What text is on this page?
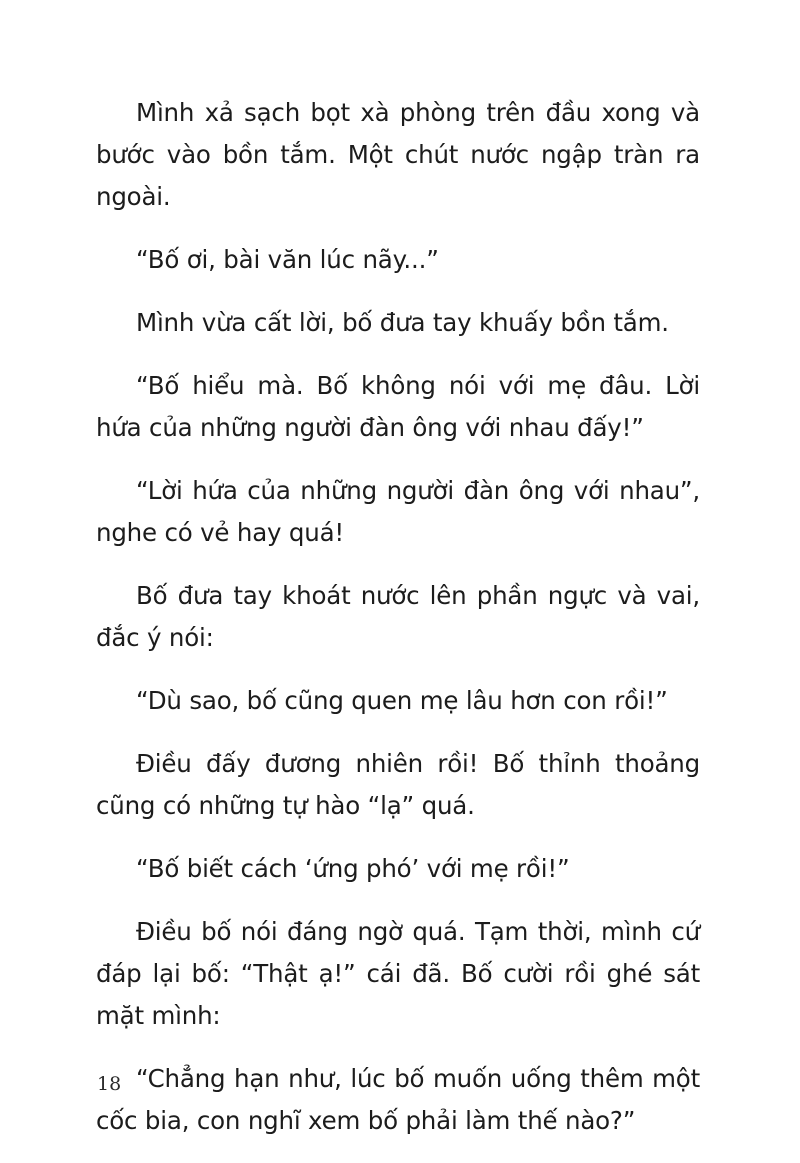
Mình xả sạch bọt xà phòng trên đầu xong và bước vào bồn tắm. Một chút nước ngập tràn ra ngoài.

“Bố ơi, bài văn lúc nãy...”

Mình vừa cất lời, bố đưa tay khuấy bồn tắm.

“Bố hiểu mà. Bố không nói với mẹ đâu. Lời hứa của những người đàn ông với nhau đấy!”

“Lời hứa của những người đàn ông với nhau”, nghe có vẻ hay quá!

Bố đưa tay khoát nước lên phần ngực và vai, đắc ý nói:

“Dù sao, bố cũng quen mẹ lâu hơn con rồi!”

Điều đấy đương nhiên rồi! Bố thỉnh thoảng cũng có những tự hào “lạ” quá.

“Bố biết cách ‘ứng phó’ với mẹ rồi!”

Điều bố nói đáng ngờ quá. Tạm thời, mình cứ đáp lại bố: “Thật ạ!” cái đã. Bố cười rồi ghé sát mặt mình:

“Chẳng hạn như, lúc bố muốn uống thêm một cốc bia, con nghĩ xem bố phải làm thế nào?”

18
